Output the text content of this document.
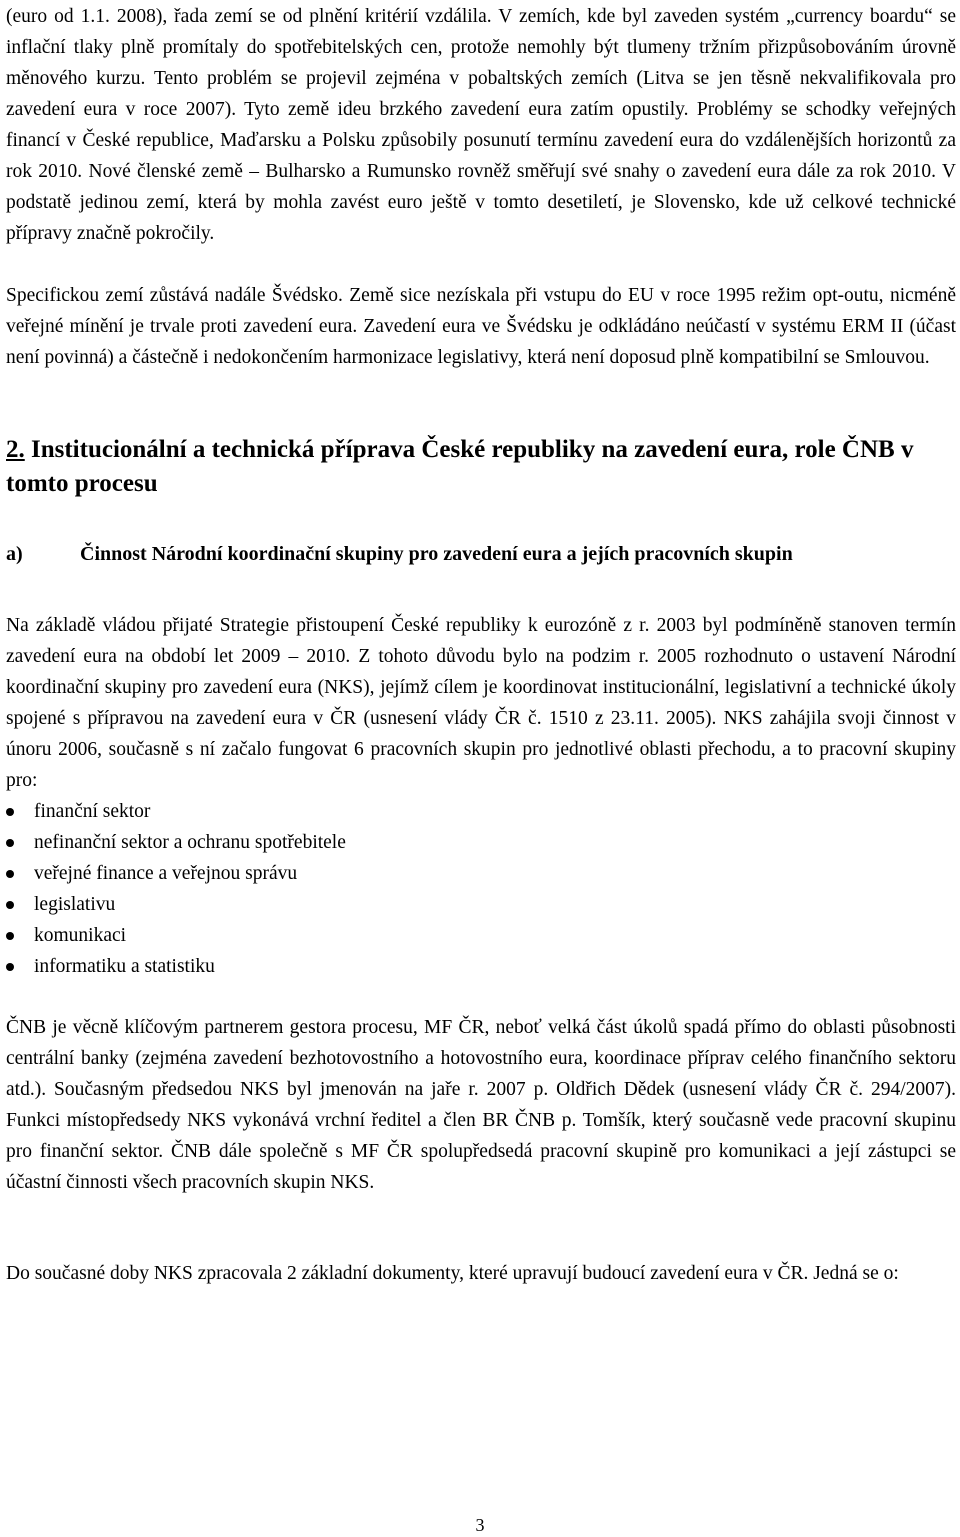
(euro od 1.1. 2008), řada zemí se od plnění kritérií vzdálila. V zemích, kde byl zaveden systém „currency boardu“ se inflační tlaky plně promítaly do spotřebitelských cen, protože nemohly být tlumeny tržním přizpůsobováním úrovně měnového kurzu. Tento problém se projevil zejména v pobaltských zemích (Litva se jen těsně nekvalifikovala pro zavedení eura v roce 2007). Tyto země ideu brzkého zavedení eura zatím opustily. Problémy se schodky veřejných financí v České republice, Maďarsku a Polsku způsobily posunutí termínu zavedení eura do vzdálenějších horizontů za rok 2010. Nové členské země – Bulharsko a Rumunsko rovněž směřují své snahy o zavedení eura dále za rok 2010. V podstatě jedinou zemí, která by mohla zavést euro ještě v tomto desetiletí, je Slovensko, kde už celkové technické přípravy značně pokročily.

Specifickou zemí zůstává nadále Švédsko. Země sice nezískala při vstupu do EU v roce 1995 režim opt-outu, nicméně veřejné mínění je trvale proti zavedení eura. Zavedení eura ve Švédsku je odkládáno neúčastí v systému ERM II (účast není povinná) a částečně i nedokončením harmonizace legislativy, která není doposud plně kompatibilní se Smlouvou.

2. Institucionální a technická příprava České republiky na zavedení eura, role ČNB v tomto procesu
a)	Činnost Národní koordinační skupiny pro zavedení eura a jejích pracovních skupin

Na základě vládou přijaté Strategie přistoupení České republiky k eurozóně z r. 2003 byl podmíněně stanoven termín zavedení eura na období let 2009 – 2010. Z tohoto důvodu bylo na podzim r. 2005 rozhodnuto o ustavení Národní koordinační skupiny pro zavedení eura (NKS), jejímž cílem je koordinovat institucionální, legislativní a technické úkoly spojené s přípravou na zavedení eura v ČR (usnesení vlády ČR č. 1510 z 23.11. 2005). NKS zahájila svoji činnost v únoru 2006, současně s ní začalo fungovat 6 pracovních skupin pro jednotlivé oblasti přechodu, a to pracovní skupiny pro:

finanční sektor
nefinanční sektor a ochranu spotřebitele
veřejné finance a veřejnou správu
legislativu
komunikaci
informatiku a statistiku

ČNB je věcně klíčovým partnerem gestora procesu, MF ČR, neboť velká část úkolů spadá přímo do oblasti působnosti centrální banky (zejména zavedení bezhotovostního a hotovostního eura, koordinace příprav celého finančního sektoru atd.). Současným předsedou NKS byl jmenován na jaře r. 2007 p. Oldřich Dědek (usnesení vlády ČR č. 294/2007). Funkci místopředsedy NKS vykonává vrchní ředitel a člen BR ČNB p. Tomšík, který současně vede pracovní skupinu pro finanční sektor. ČNB dále společně s MF ČR spolupředsedá pracovní skupině pro komunikaci a její zástupci se účastní činnosti všech pracovních skupin NKS.

Do současné doby NKS zpracovala 2 základní dokumenty, které upravují budoucí zavedení eura v ČR. Jedná se o:

3
